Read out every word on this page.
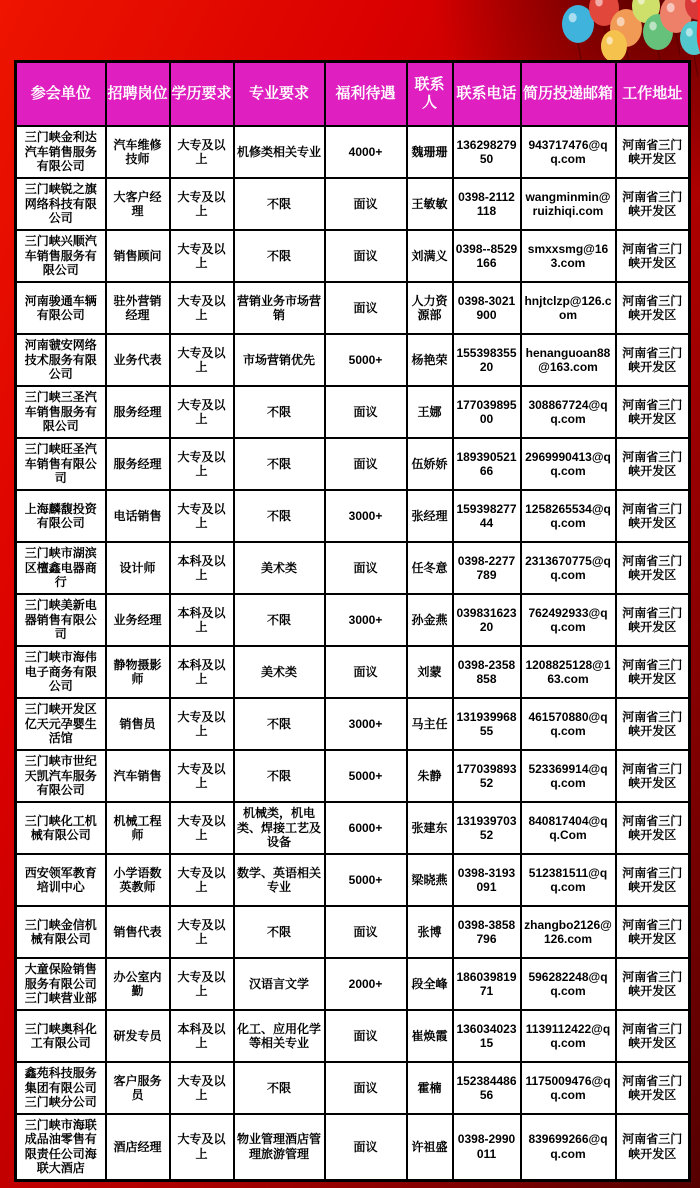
参会单位	招聘岗位	学历要求	专业要求	福利待遇	联系人	联系电话	简历投递邮箱	工作地址
三门峡金利达汽车销售服务有限公司	汽车维修技师	大专及以上	机修类相关专业	4000+	魏珊珊	13629827950	943717476@qq.com	河南省三门峡开发区
三门峡锐之旗网络科技有限公司	大客户经理	大专及以上	不限	面议	王敏敏	0398-2112118	wangminmin@ruizhiqi.com	河南省三门峡开发区
三门峡兴顺汽车销售服务有限公司	销售顾问	大专及以上	不限	面议	刘满义	0398--8529166	smxxsmg@163.com	河南省三门峡开发区
河南骏通车辆有限公司	驻外营销经理	大专及以上	营销业务市场营销	面议	人力资源部	0398-3021900	hnjtclzp@126.com	河南省三门峡开发区
河南虢安网络技术服务有限公司	业务代表	大专及以上	市场营销优先	5000+	杨艳荣	15539835520	henanguoan88@163.com	河南省三门峡开发区
三门峡三圣汽车销售服务有限公司	服务经理	大专及以上	不限	面议	王娜	17703989500	308867724@qq.com	河南省三门峡开发区
三门峡旺圣汽车销售有限公司	服务经理	大专及以上	不限	面议	伍娇娇	18939052166	2969990413@qq.com	河南省三门峡开发区
上海麟馥投资有限公司	电话销售	大专及以上	不限	3000+	张经理	15939827744	1258265534@qq.com	河南省三门峡开发区
三门峡市湖滨区檀鑫电器商行	设计师	本科及以上	美术类	面议	任冬意	0398-2277789	2313670775@qq.com	河南省三门峡开发区
三门峡美新电器销售有限公司	业务经理	本科及以上	不限	3000+	孙金燕	03983162320	762492933@qq.com	河南省三门峡开发区
三门峡市海伟电子商务有限公司	静物摄影师	本科及以上	美术类	面议	刘蒙	0398-2358858	1208825128@163.com	河南省三门峡开发区
三门峡开发区亿天元孕婴生活馆	销售员	大专及以上	不限	3000+	马主任	13193996855	461570880@qq.com	河南省三门峡开发区
三门峡市世纪天凯汽车服务有限公司	汽车销售	大专及以上	不限	5000+	朱静	17703989352	523369914@qq.com	河南省三门峡开发区
三门峡化工机械有限公司	机械工程师	大专及以上	机械类，机电类、焊接工艺及设备	6000+	张建东	13193970352	840817404@qq.Com	河南省三门峡开发区
西安领军教育培训中心	小学语数英教师	大专及以上	数学、英语相关专业	5000+	梁晓燕	0398-3193091	512381511@qq.com	河南省三门峡开发区
三门峡金信机械有限公司	销售代表	大专及以上	不限	面议	张博	0398-3858796	zhangbo2126@126.com	河南省三门峡开发区
大童保险销售服务有限公司三门峡营业部	办公室内勤	大专及以上	汉语言文学	2000+	段全峰	18603981971	596282248@qq.com	河南省三门峡开发区
三门峡奥科化工有限公司	研发专员	本科及以上	化工、应用化学等相关专业	面议	崔焕霞	13603402315	1139112422@qq.com	河南省三门峡开发区
鑫苑科技服务集团有限公司三门峡分公司	客户服务员	大专及以上	不限	面议	霍楠	15238448656	1175009476@qq.com	河南省三门峡开发区
三门峡市海联成品油零售有限责任公司海联大酒店	酒店经理	大专及以上	物业管理酒店管理旅游管理	面议	许祖盛	0398-2990011	839699266@qq.com	河南省三门峡开发区
